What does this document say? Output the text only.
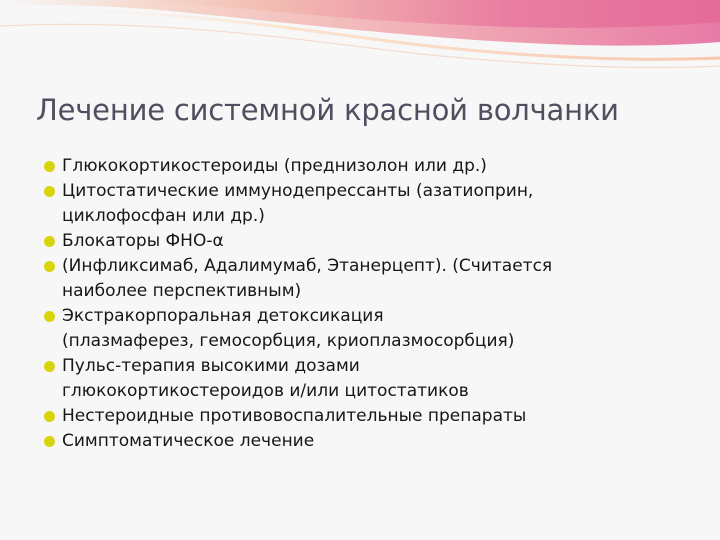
Лечение системной красной волчанки
Глюкокортикостероиды (преднизолон или др.)
Цитостатические иммунодепрессанты (азатиоприн,
циклофосфан или др.)
Блокаторы ФНО-α
(Инфликсимаб, Адалимумаб, Этанерцепт). (Считается
наиболее перспективным)
Экстракорпоральная детоксикация
(плазмаферез, гемосорбция, криоплазмосорбция)
Пульс-терапия высокими дозами
глюкокортикостероидов и/или цитостатиков
Нестероидные противовоспалительные препараты
Симптоматическое лечение
